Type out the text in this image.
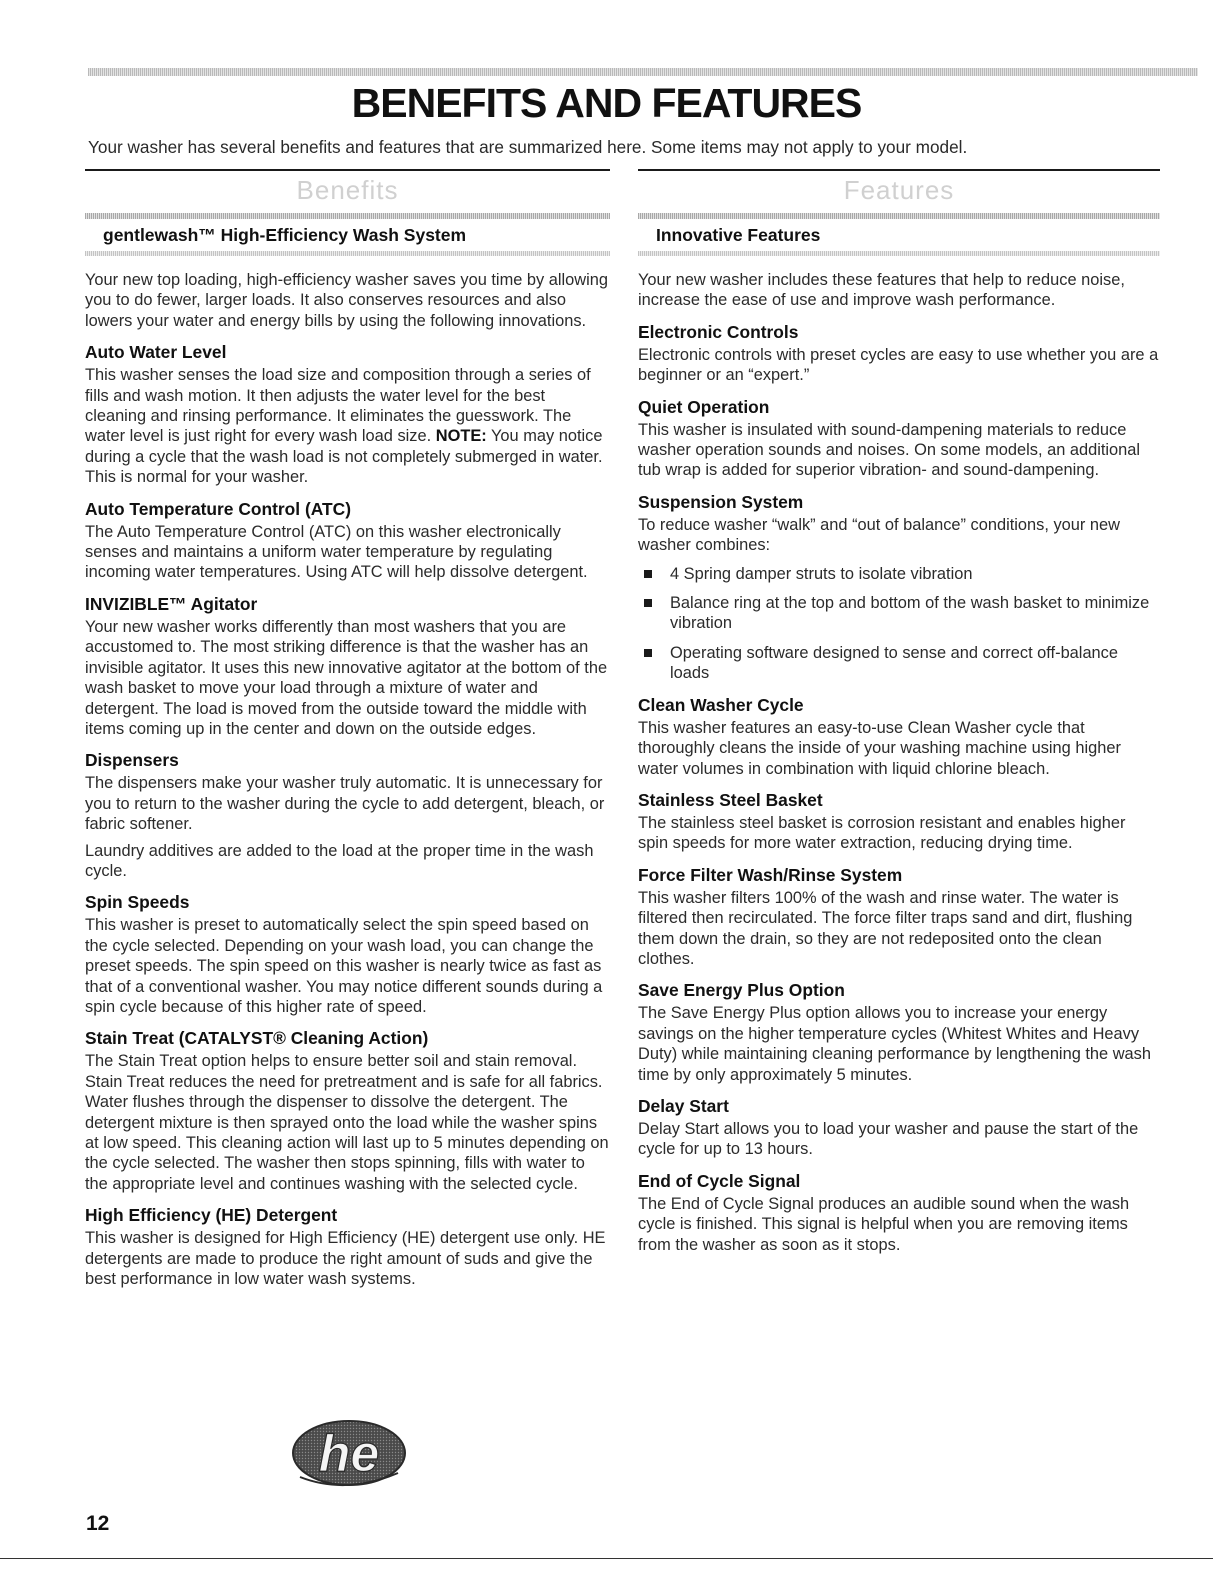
BENEFITS AND FEATURES

Your washer has several benefits and features that are summarized here. Some items may not apply to your model.

Benefits
gentlewash™ High-Efficiency Wash System

Your new top loading, high-efficiency washer saves you time by allowing you to do fewer, larger loads. It also conserves resources and also lowers your water and energy bills by using the following innovations.

Auto Water Level

This washer senses the load size and composition through a series of fills and wash motion. It then adjusts the water level for the best cleaning and rinsing performance. It eliminates the guesswork. The water level is just right for every wash load size. NOTE: You may notice during a cycle that the wash load is not completely submerged in water. This is normal for your washer.

Auto Temperature Control (ATC)

The Auto Temperature Control (ATC) on this washer electronically senses and maintains a uniform water temperature by regulating incoming water temperatures. Using ATC will help dissolve detergent.

INVIZIBLE™ Agitator

Your new washer works differently than most washers that you are accustomed to. The most striking difference is that the washer has an invisible agitator. It uses this new innovative agitator at the bottom of the wash basket to move your load through a mixture of water and detergent. The load is moved from the outside toward the middle with items coming up in the center and down on the outside edges.

Dispensers

The dispensers make your washer truly automatic. It is unnecessary for you to return to the washer during the cycle to add detergent, bleach, or fabric softener.

Laundry additives are added to the load at the proper time in the wash cycle.

Spin Speeds

This washer is preset to automatically select the spin speed based on the cycle selected. Depending on your wash load, you can change the preset speeds. The spin speed on this washer is nearly twice as fast as that of a conventional washer. You may notice different sounds during a spin cycle because of this higher rate of speed.

Stain Treat (CATALYST® Cleaning Action)

The Stain Treat option helps to ensure better soil and stain removal. Stain Treat reduces the need for pretreatment and is safe for all fabrics. Water flushes through the dispenser to dissolve the detergent. The detergent mixture is then sprayed onto the load while the washer spins at low speed. This cleaning action will last up to 5 minutes depending on the cycle selected. The washer then stops spinning, fills with water to the appropriate level and continues washing with the selected cycle.

High Efficiency (HE) Detergent

This washer is designed for High Efficiency (HE) detergent use only. HE detergents are made to produce the right amount of suds and give the best performance in low water wash systems.

Features
Innovative Features

Your new washer includes these features that help to reduce noise, increase the ease of use and improve wash performance.

Electronic Controls

Electronic controls with preset cycles are easy to use whether you are a beginner or an “expert.”

Quiet Operation

This washer is insulated with sound-dampening materials to reduce washer operation sounds and noises. On some models, an additional tub wrap is added for superior vibration- and sound-dampening.

Suspension System

To reduce washer “walk” and “out of balance” conditions, your new washer combines:

4 Spring damper struts to isolate vibration
Balance ring at the top and bottom of the wash basket to minimize vibration
Operating software designed to sense and correct off-balance loads
Clean Washer Cycle

This washer features an easy-to-use Clean Washer cycle that thoroughly cleans the inside of your washing machine using higher water volumes in combination with liquid chlorine bleach.

Stainless Steel Basket

The stainless steel basket is corrosion resistant and enables higher spin speeds for more water extraction, reducing drying time.

Force Filter Wash/Rinse System

This washer filters 100% of the wash and rinse water. The water is filtered then recirculated. The force filter traps sand and dirt, flushing them down the drain, so they are not redeposited onto the clean clothes.

Save Energy Plus Option

The Save Energy Plus option allows you to increase your energy savings on the higher temperature cycles (Whitest Whites and Heavy Duty) while maintaining cleaning performance by lengthening the wash time by only approximately 5 minutes.

Delay Start

Delay Start allows you to load your washer and pause the start of the cycle for up to 13 hours.

End of Cycle Signal

The End of Cycle Signal produces an audible sound when the wash cycle is finished. This signal is helpful when you are removing items from the washer as soon as it stops.

he

12
